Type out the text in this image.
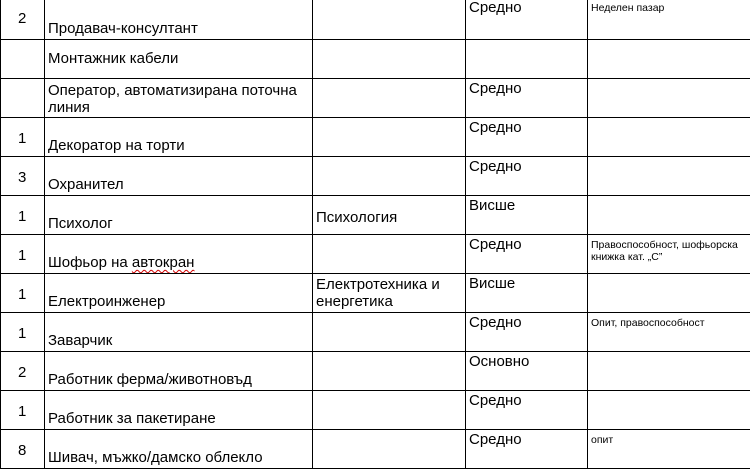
2	Продавач-консултант		Средно	Неделен пазар

	Монтажник кабели			

	Оператор, автоматизирана поточна линия		Средно	

1	Декоратор на торти		Средно	

3	Охранител		Средно	

1	Психолог	Психология	Висше	

1	Шофьор на автокран		Средно	Правоспособност, шофьорска книжка кат. „С”

1	Електроинженер	Електротехника и енергетика	Висше	

1	Заварчик		Средно	Опит, правоспособност

2	Работник ферма/животновъд		Основно	

1	Работник за пакетиране		Средно	

8	Шивач, мъжко/дамско облекло		Средно	опит
